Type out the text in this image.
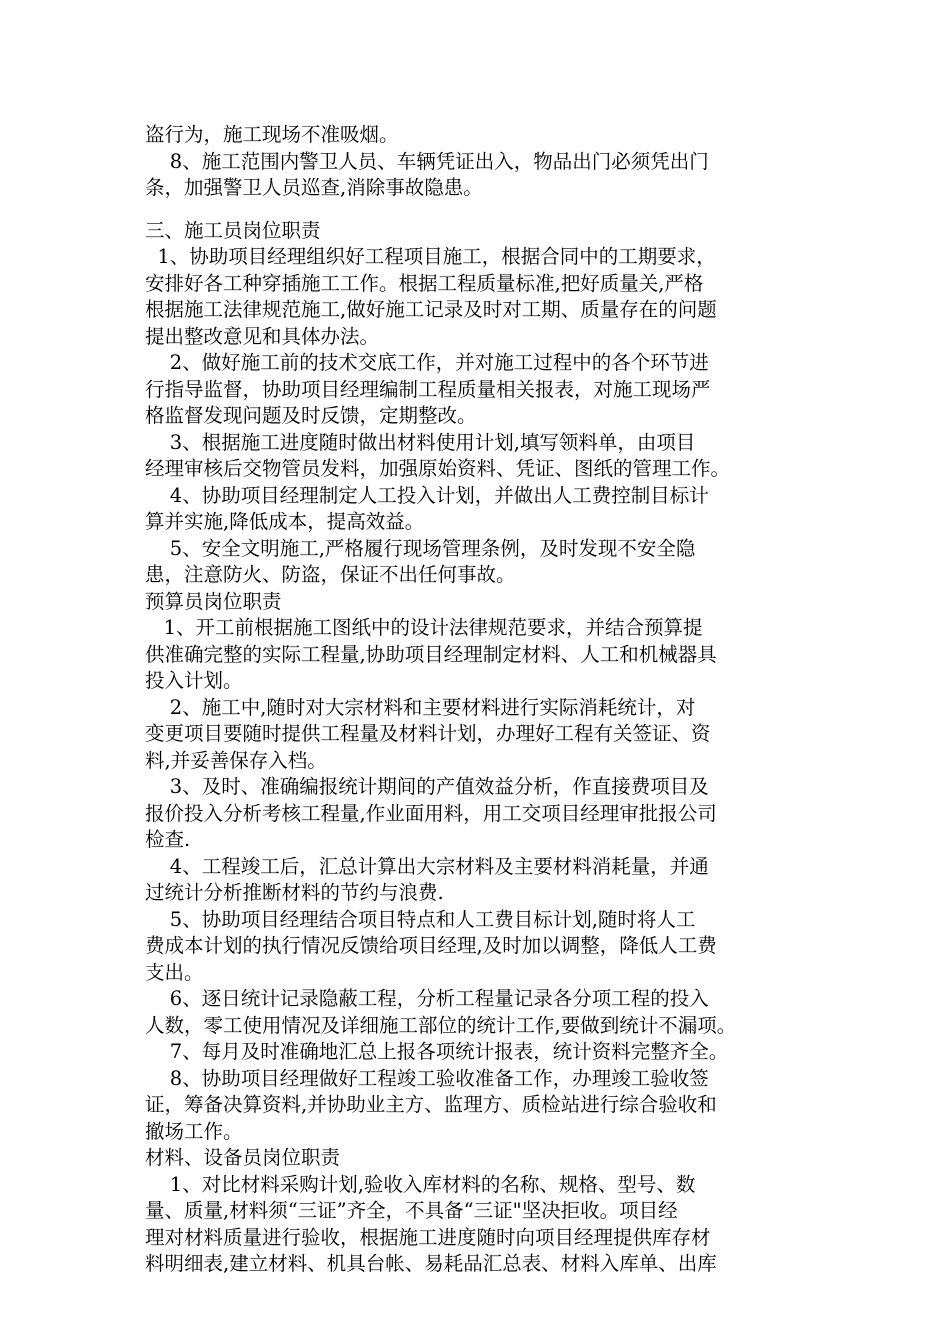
盗行为，施工现场不准吸烟。
8、施工范围内警卫人员、车辆凭证出入，物品出门必须凭出门
条，加强警卫人员巡查,消除事故隐患。
三、施工员岗位职责
1、协助项目经理组织好工程项目施工，根据合同中的工期要求，
安排好各工种穿插施工工作。根据工程质量标准,把好质量关,严格
根据施工法律规范施工,做好施工记录及时对工期、质量存在的问题
提出整改意见和具体办法。
2、做好施工前的技术交底工作，并对施工过程中的各个环节进
行指导监督，协助项目经理编制工程质量相关报表，对施工现场严
格监督发现问题及时反馈，定期整改。
3、根据施工进度随时做出材料使用计划,填写领料单，由项目
经理审核后交物管员发料，加强原始资料、凭证、图纸的管理工作。
4、协助项目经理制定人工投入计划，并做出人工费控制目标计
算并实施,降低成本，提高效益。
5、安全文明施工,严格履行现场管理条例，及时发现不安全隐
患，注意防火、防盗，保证不出任何事故。
预算员岗位职责
1、开工前根据施工图纸中的设计法律规范要求，并结合预算提
供准确完整的实际工程量,协助项目经理制定材料、人工和机械器具
投入计划。
2、施工中,随时对大宗材料和主要材料进行实际消耗统计，对
变更项目要随时提供工程量及材料计划，办理好工程有关签证、资
料,并妥善保存入档。
3、及时、准确编报统计期间的产值效益分析，作直接费项目及
报价投入分析考核工程量,作业面用料，用工交项目经理审批报公司
检查.
4、工程竣工后，汇总计算出大宗材料及主要材料消耗量，并通
过统计分析推断材料的节约与浪费.
5、协助项目经理结合项目特点和人工费目标计划,随时将人工
费成本计划的执行情况反馈给项目经理,及时加以调整，降低人工费
支出。
6、逐日统计记录隐蔽工程，分析工程量记录各分项工程的投入
人数，零工使用情况及详细施工部位的统计工作,要做到统计不漏项。
7、每月及时准确地汇总上报各项统计报表，统计资料完整齐全。
8、协助项目经理做好工程竣工验收准备工作，办理竣工验收签
证，筹备决算资料,并协助业主方、监理方、质检站进行综合验收和
撤场工作。
材料、设备员岗位职责
1、对比材料采购计划,验收入库材料的名称、规格、型号、数
量、质量,材料须“三证”齐全，不具备“三证"坚决拒收。项目经
理对材料质量进行验收，根据施工进度随时向项目经理提供库存材
料明细表,建立材料、机具台帐、易耗品汇总表、材料入库单、出库
